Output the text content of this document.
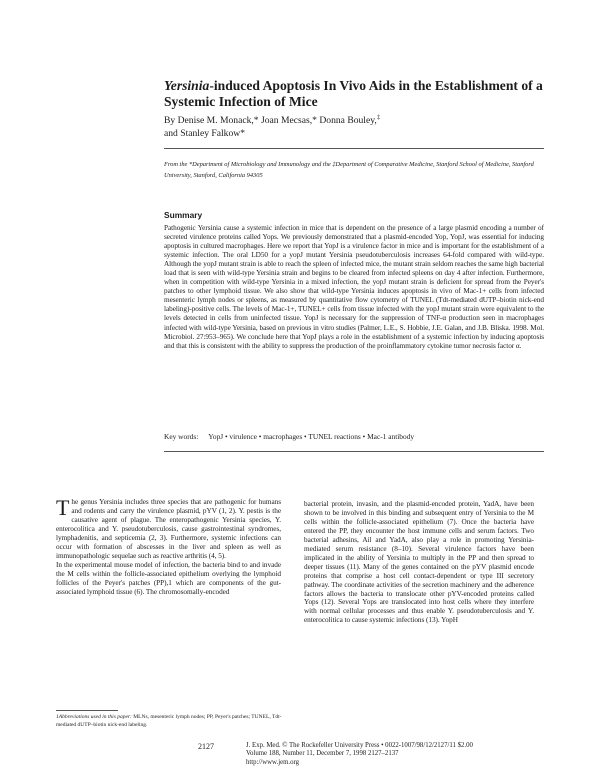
Yersinia-induced Apoptosis In Vivo Aids in the Establishment of a Systemic Infection of Mice
By Denise M. Monack,* Joan Mecsas,* Donna Bouley,‡
and Stanley Falkow*
From the *Department of Microbiology and Immunology and the ‡Department of Comparative Medicine, Stanford School of Medicine, Stanford University, Stanford, California 94305
Summary

Pathogenic Yersinia cause a systemic infection in mice that is dependent on the presence of a large plasmid encoding a number of secreted virulence proteins called Yops. We previously demonstrated that a plasmid-encoded Yop, YopJ, was essential for inducing apoptosis in cultured macrophages. Here we report that YopJ is a virulence factor in mice and is important for the establishment of a systemic infection. The oral LD50 for a yopJ mutant Yersinia pseudotuberculosis increases 64-fold compared with wild-type. Although the yopJ mutant strain is able to reach the spleen of infected mice, the mutant strain seldom reaches the same high bacterial load that is seen with wild-type Yersinia strain and begins to be cleared from infected spleens on day 4 after infection. Furthermore, when in competition with wild-type Yersinia in a mixed infection, the yopJ mutant strain is deficient for spread from the Peyer's patches to other lymphoid tissue. We also show that wild-type Yersinia induces apoptosis in vivo of Mac-1+ cells from infected mesenteric lymph nodes or spleens, as measured by quantitative flow cytometry of TUNEL (Tdt-mediated dUTP–biotin nick-end labeling)-positive cells. The levels of Mac-1+, TUNEL+ cells from tissue infected with the yopJ mutant strain were equivalent to the levels detected in cells from uninfected tissue. YopJ is necessary for the suppression of TNF-α production seen in macrophages infected with wild-type Yersinia, based on previous in vitro studies (Palmer, L.E., S. Hobbie, J.E. Galan, and J.B. Bliska. 1998. Mol. Microbiol. 27:953–965). We conclude here that YopJ plays a role in the establishment of a systemic infection by inducing apoptosis and that this is consistent with the ability to suppress the production of the proinflammatory cytokine tumor necrosis factor α.

Key words: YopJ • virulence • macrophages • TUNEL reactions • Mac-1 antibody
The genus Yersinia includes three species that are pathogenic for humans and rodents and carry the virulence plasmid, pYV (1, 2). Y. pestis is the causative agent of plague. The enteropathogenic Yersinia species, Y. enterocolitica and Y. pseudotuberculosis, cause gastrointestinal syndromes, lymphadenitis, and septicemia (2, 3). Furthermore, systemic infections can occur with formation of abscesses in the liver and spleen as well as immunopathologic sequelae such as reactive arthritis (4, 5).
In the experimental mouse model of infection, the bacteria bind to and invade the M cells within the follicle-associated epithelium overlying the lymphoid follicles of the Peyer's patches (PP),1 which are components of the gut-associated lymphoid tissue (6). The chromosomally-encoded
bacterial protein, invasin, and the plasmid-encoded protein, YadA, have been shown to be involved in this binding and subsequent entry of Yersinia to the M cells within the follicle-associated epithelium (7). Once the bacteria have entered the PP, they encounter the host immune cells and serum factors. Two bacterial adhesins, Ail and YadA, also play a role in promoting Yersinia-mediated serum resistance (8–10). Several virulence factors have been implicated in the ability of Yersinia to multiply in the PP and then spread to deeper tissues (11). Many of the genes contained on the pYV plasmid encode proteins that comprise a host cell contact-dependent or type III secretory pathway. The coordinate activities of the secretion machinery and the adherence factors allows the bacteria to translocate other pYV-encoded proteins called Yops (12). Several Yops are translocated into host cells where they interfere with normal cellular processes and thus enable Y. pseudotuberculosis and Y. enterocolitica to cause systemic infections (13). YopH

1Abbreviations used in this paper: MLNs, mesenteric lymph nodes; PP, Peyer's patches; TUNEL, Tdt-mediated dUTP–biotin nick-end labeling.

2127	J. Exp. Med. © The Rockefeller University Press • 0022-1007/98/12/2127/11 $2.00
Volume 188, Number 11, December 7, 1998 2127–2137
http://www.jem.org
